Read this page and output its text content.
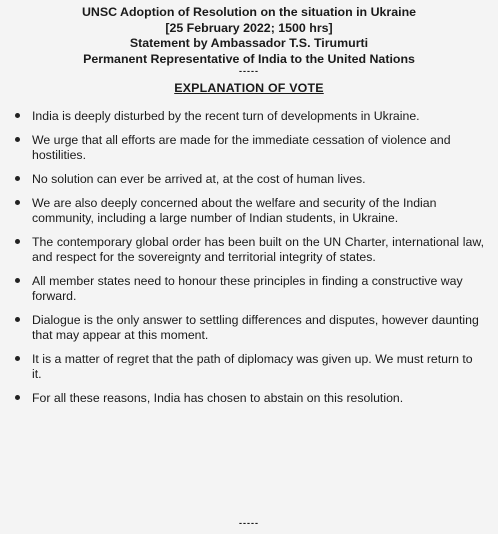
UNSC Adoption of Resolution on the situation in Ukraine
[25 February 2022; 1500 hrs]
Statement by Ambassador T.S. Tirumurti
Permanent Representative of India to the United Nations
-----
EXPLANATION OF VOTE
India is deeply disturbed by the recent turn of developments in Ukraine.
We urge that all efforts are made for the immediate cessation of violence and hostilities.
No solution can ever be arrived at, at the cost of human lives.
We are also deeply concerned about the welfare and security of the Indian community, including a large number of Indian students, in Ukraine.
The contemporary global order has been built on the UN Charter, international law, and respect for the sovereignty and territorial integrity of states.
All member states need to honour these principles in finding a constructive way forward.
Dialogue is the only answer to settling differences and disputes, however daunting that may appear at this moment.
It is a matter of regret that the path of diplomacy was given up. We must return to it.
For all these reasons, India has chosen to abstain on this resolution.
-----
